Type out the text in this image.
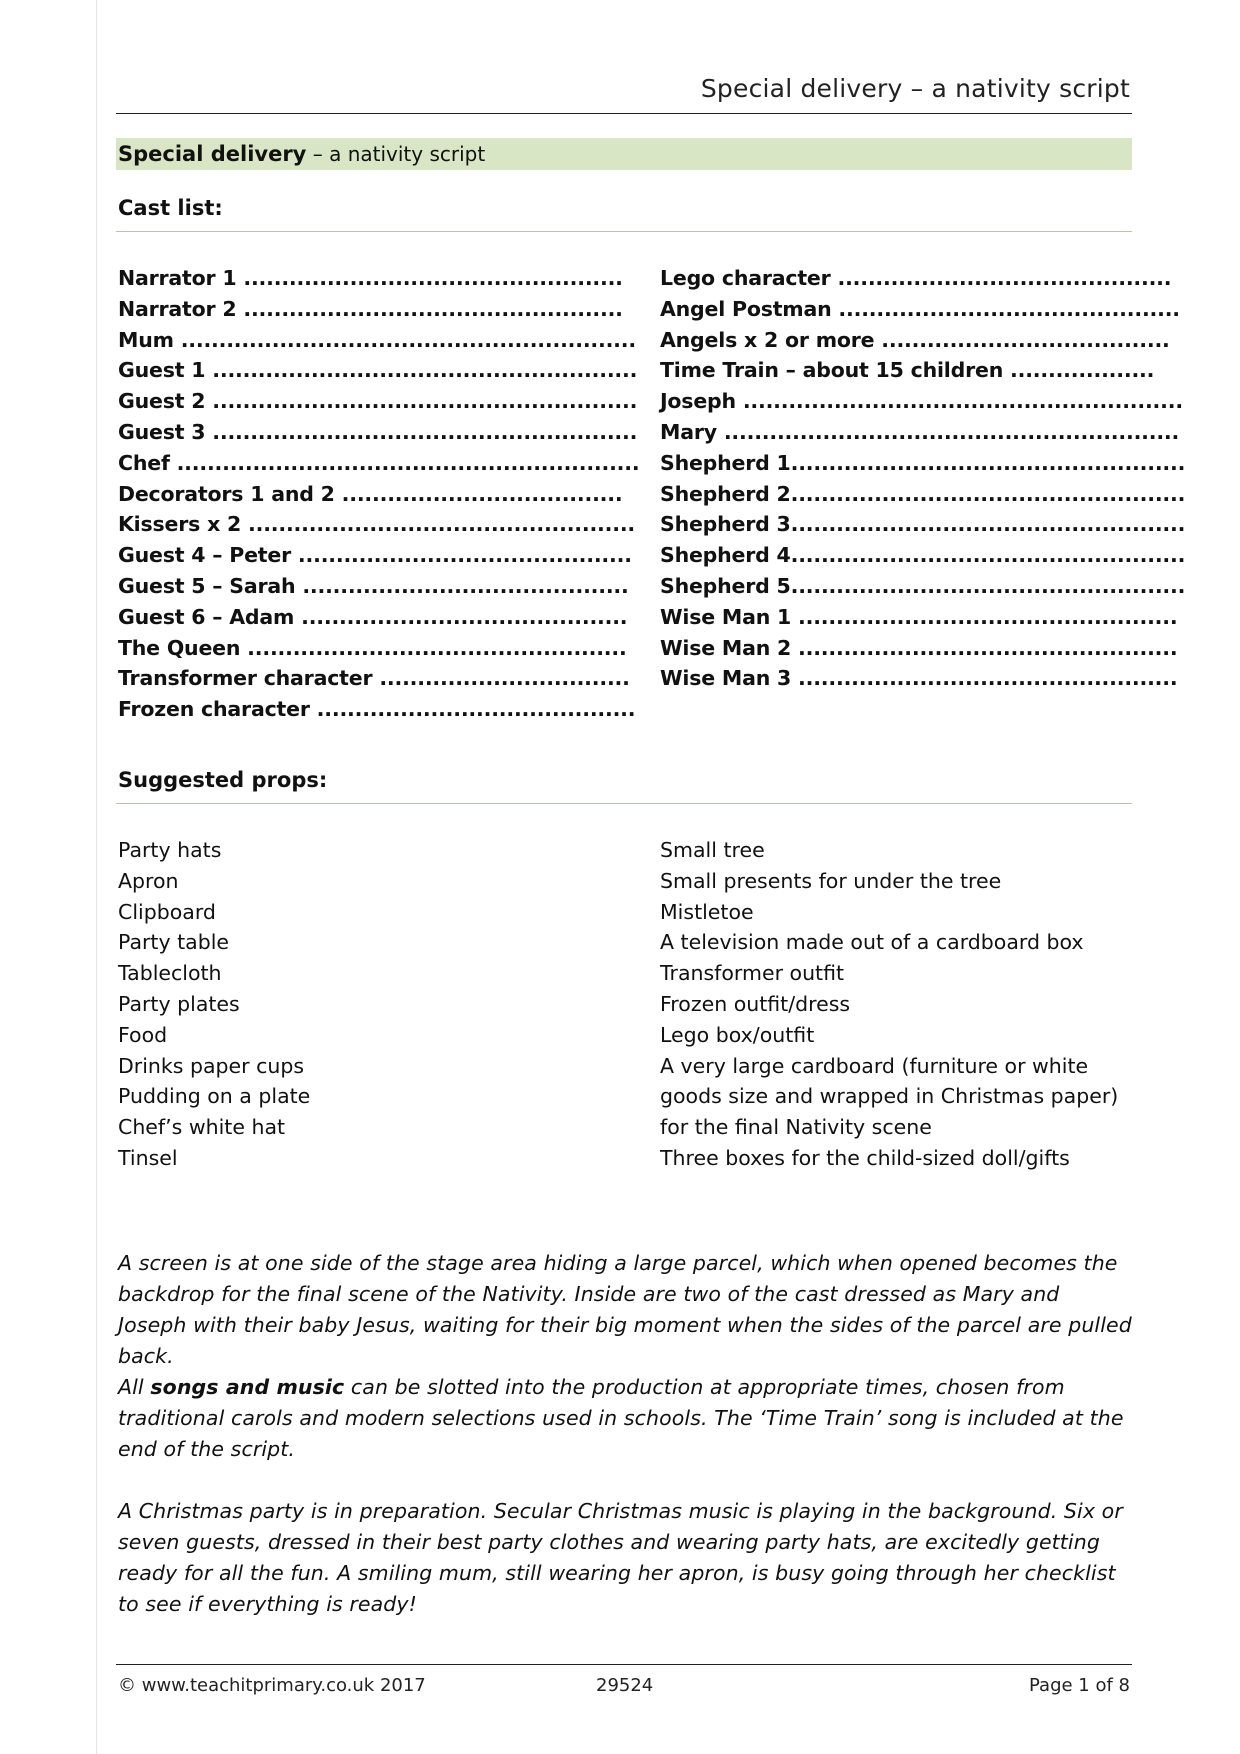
Special delivery – a nativity script
Special delivery – a nativity script
Cast list:
Narrator 1 ..................................................
Narrator 2 ..................................................
Mum ............................................................
Guest 1 ........................................................
Guest 2 ........................................................
Guest 3 ........................................................
Chef .............................................................
Decorators 1 and 2 .....................................
Kissers x 2 ...................................................
Guest 4 – Peter ............................................
Guest 5 – Sarah ...........................................
Guest 6 – Adam ...........................................
The Queen ..................................................
Transformer character .................................
Frozen character ..........................................
Lego character ............................................
Angel Postman .............................................
Angels x 2 or more ......................................
Time Train – about 15 children ...................
Joseph ..........................................................
Mary ............................................................
Shepherd 1....................................................
Shepherd 2....................................................
Shepherd 3....................................................
Shepherd 4....................................................
Shepherd 5....................................................
Wise Man 1 ..................................................
Wise Man 2 ..................................................
Wise Man 3 ..................................................
Suggested props:
Party hats
Apron
Clipboard
Party table
Tablecloth
Party plates
Food
Drinks paper cups
Pudding on a plate
Chef’s white hat
Tinsel
Small tree
Small presents for under the tree
Mistletoe
A television made out of a cardboard box
Transformer outfit
Frozen outfit/dress
Lego box/outfit
A very large cardboard (furniture or white
goods size and wrapped in Christmas paper)
for the final Nativity scene
Three boxes for the child-sized doll/gifts

A screen is at one side of the stage area hiding a large parcel, which when opened becomes the backdrop for the final scene of the Nativity. Inside are two of the cast dressed as Mary and Joseph with their baby Jesus, waiting for their big moment when the sides of the parcel are pulled back.

All songs and music can be slotted into the production at appropriate times, chosen from traditional carols and modern selections used in schools. The ‘Time Train’ song is included at the end of the script.

A Christmas party is in preparation. Secular Christmas music is playing in the background. Six or seven guests, dressed in their best party clothes and wearing party hats, are excitedly getting ready for all the fun. A smiling mum, still wearing her apron, is busy going through her checklist to see if everything is ready!

© www.teachitprimary.co.uk 2017	29524	Page 1 of 8
